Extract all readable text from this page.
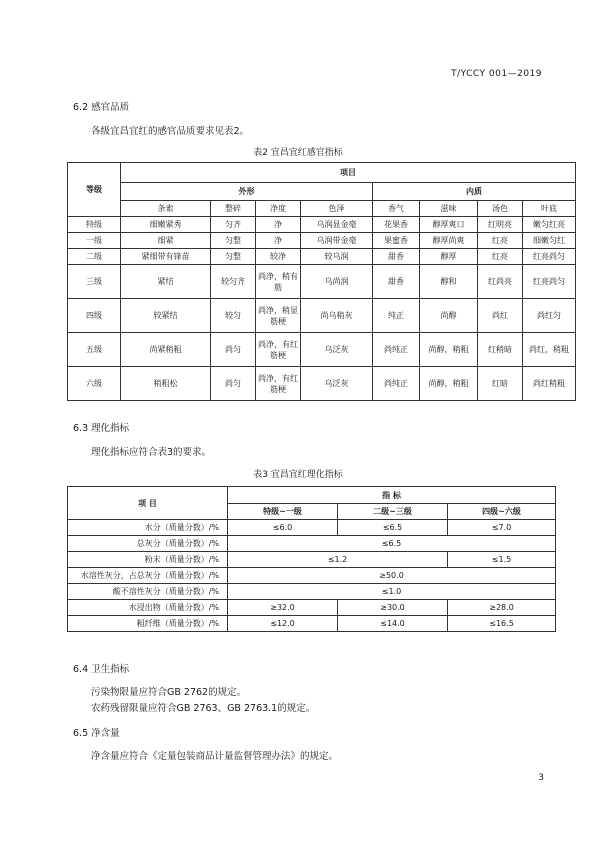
T/YCCY 001—2019
6.2 感官品质
各级宜昌宜红的感官品质要求见表2。
表2 宜昌宜红感官指标
等级	项目							
	外形				内质			
	条索	整碎	净度	色泽	香气	滋味	汤色	叶底
特级	细嫩紧秀	匀齐	净	乌润显金毫	花果香	醇厚爽口	红明亮	嫩匀红亮
一级	细紧	匀整	净	乌润带金毫	果蜜香	醇厚尚爽	红亮	细嫩匀红
二级	紧细带有锋苗	匀整	较净	较乌润	甜香	醇厚	红亮	红亮尚匀
三级	紧结	较匀齐	尚净，稍有筋	乌尚润	甜香	醇和	红尚亮	红亮尚匀
四级	较紧结	较匀	尚净，稍显筋梗	尚乌稍灰	纯正	尚醇	尚红	尚红匀
五级	尚紧稍粗	尚匀	尚净，有红筋梗	乌泛灰	尚纯正	尚醇，稍粗	红稍暗	尚红，稍粗
六级	稍粗松	尚匀	尚净，有红筋梗	乌泛灰	尚纯正	尚醇，稍粗	红暗	尚红稍粗
6.3 理化指标
理化指标应符合表3的要求。
表3 宜昌宜红理化指标
项 目	指 标		
	特级~一级	二级~三级	四级~六级
水分（质量分数）/%	≤6.0	≤6.5	≤7.0
总灰分（质量分数）/%	≤6.5		
粉末（质量分数）/%	≤1.2		≤1.5
水溶性灰分，占总灰分（质量分数）/%	≥50.0		
酸不溶性灰分（质量分数）/%	≤1.0		
水浸出物（质量分数）/%	≥32.0	≥30.0	≥28.0
粗纤维（质量分数）/%	≤12.0	≤14.0	≤16.5
6.4 卫生指标
污染物限量应符合GB 2762的规定。
农药残留限量应符合GB 2763、GB 2763.1的规定。
6.5 净含量
净含量应符合《定量包装商品计量监督管理办法》的规定。
3
